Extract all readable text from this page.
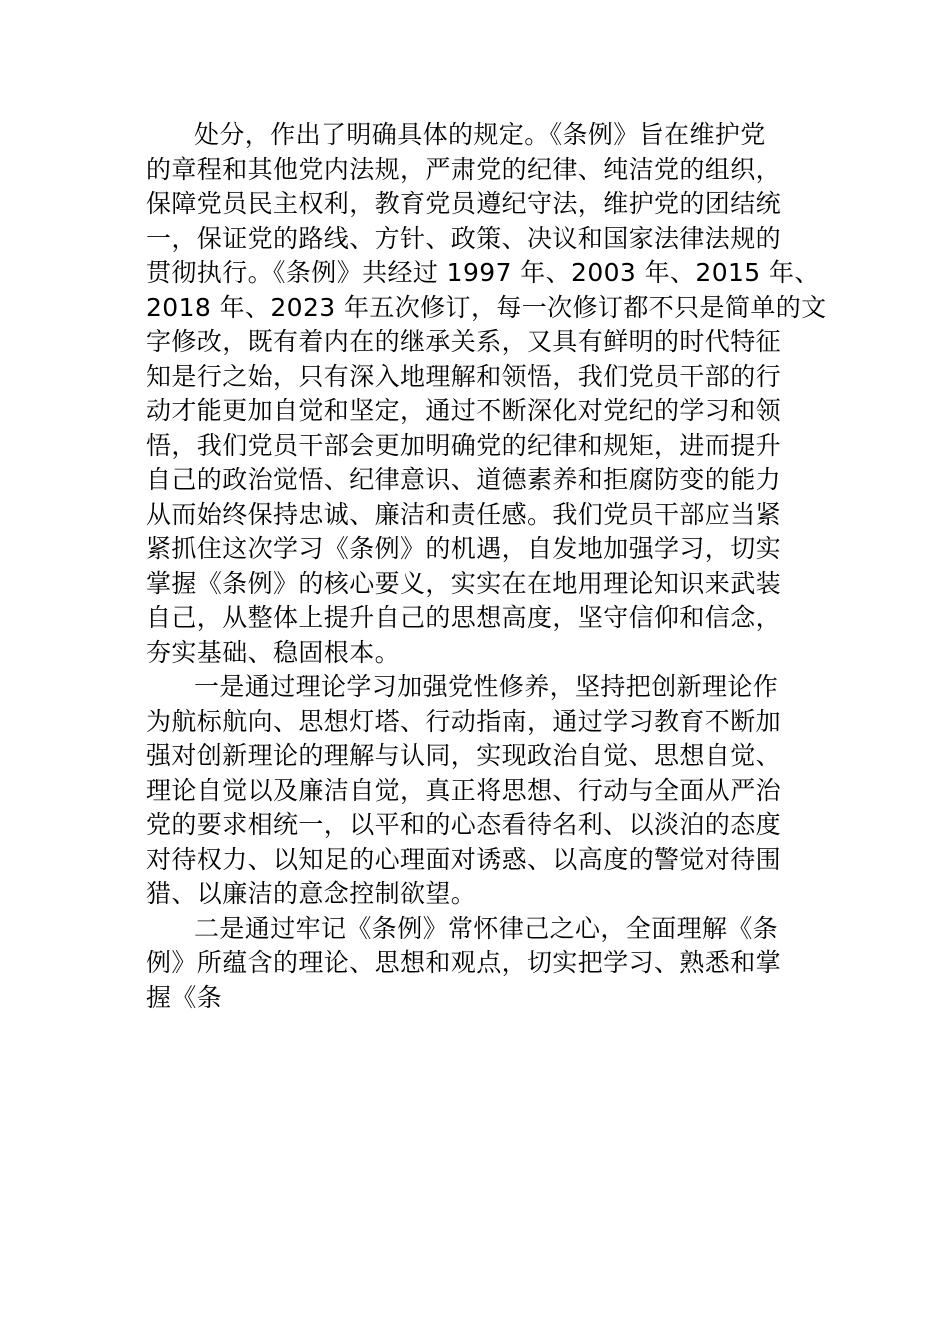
处分，作出了明确具体的规定。《条例》旨在维护党
的章程和其他党内法规，严肃党的纪律、纯洁党的组织，
保障党员民主权利，教育党员遵纪守法，维护党的团结统
一，保证党的路线、方针、政策、决议和国家法律法规的
贯彻执行。《条例》共经过 1997 年、2003 年、2015 年、
2018 年、2023 年五次修订，每一次修订都不只是简单的文
字修改，既有着内在的继承关系，又具有鲜明的时代特征
知是行之始，只有深入地理解和领悟，我们党员干部的行
动才能更加自觉和坚定，通过不断深化对党纪的学习和领
悟，我们党员干部会更加明确党的纪律和规矩，进而提升
自己的政治觉悟、纪律意识、道德素养和拒腐防变的能力
从而始终保持忠诚、廉洁和责任感。我们党员干部应当紧
紧抓住这次学习《条例》的机遇，自发地加强学习，切实
掌握《条例》的核心要义，实实在在地用理论知识来武装
自己，从整体上提升自己的思想高度，坚守信仰和信念，
夯实基础、稳固根本。
一是通过理论学习加强党性修养，坚持把创新理论作
为航标航向、思想灯塔、行动指南，通过学习教育不断加
强对创新理论的理解与认同，实现政治自觉、思想自觉、
理论自觉以及廉洁自觉，真正将思想、行动与全面从严治
党的要求相统一，以平和的心态看待名利、以淡泊的态度
对待权力、以知足的心理面对诱惑、以高度的警觉对待围
猎、以廉洁的意念控制欲望。
二是通过牢记《条例》常怀律己之心，全面理解《条
例》所蕴含的理论、思想和观点，切实把学习、熟悉和掌
握《条
